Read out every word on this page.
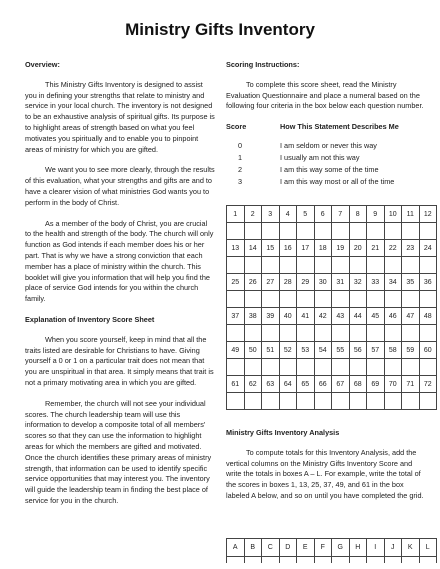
Ministry Gifts Inventory

Overview:

This Ministry Gifts Inventory is designed to assist you in defining your strengths that relate to ministry and service in your local church. The inventory is not designed to be an exhaustive analysis of spiritual gifts. Its purpose is to highlight areas of strength based on what you feel motivates you spiritually and to enable you to pinpoint areas of ministry for which you are gifted.

We want you to see more clearly, through the results of this evaluation, what your strengths and gifts are and to have a clearer vision of what ministries God wants you to perform in the body of Christ.

As a member of the body of Christ, you are crucial to the health and strength of the body. The church will only function as God intends if each member does his or her part. That is why we have a strong conviction that each member has a place of ministry within the church. This booklet will give you information that will help you find the place of service God intends for you within the church family.

Explanation of Inventory Score Sheet

When you score yourself, keep in mind that all the traits listed are desirable for Christians to have. Giving yourself a 0 or 1 on a particular trait does not mean that you are unspiritual in that area. It simply means that trait is not a primary motivating area in which you are gifted.

Remember, the church will not see your individual scores. The church leadership team will use this information to develop a composite total of all members' scores so that they can use the information to highlight areas for which the members are gifted and motivated. Once the church identifies these primary areas of ministry strength, that information can be used to identify specific service opportunities that may interest you. The inventory will guide the leadership team in finding the best place of service for you in the church.

Scoring Instructions:

To complete this score sheet, read the Ministry Evaluation Questionnaire and place a numeral based on the following four criteria in the box below each question number.

Score	How This Statement Describes Me
0	I am seldom or never this way
1	I usually am not this way
2	I am this way some of the time
3	I am this way most or all of the time
1	2	3	4	5	6	7	8	9	10	11	12

13	14	15	16	17	18	19	20	21	22	23	24

25	26	27	28	29	30	31	32	33	34	35	36

37	38	39	40	41	42	43	44	45	46	47	48

49	50	51	52	53	54	55	56	57	58	59	60

61	62	63	64	65	66	67	68	69	70	71	72

Ministry Gifts Inventory Analysis

To compute totals for this Inventory Analysis, add the vertical columns on the Ministry Gifts Inventory Score and write the totals in boxes A – L. For example, write the total of the scores in boxes 1, 13, 25, 37, 49, and 61 in the box labeled A below, and so on until you have completed the grid.

A	B	C	D	E	F	G	H	I	J	K	L
